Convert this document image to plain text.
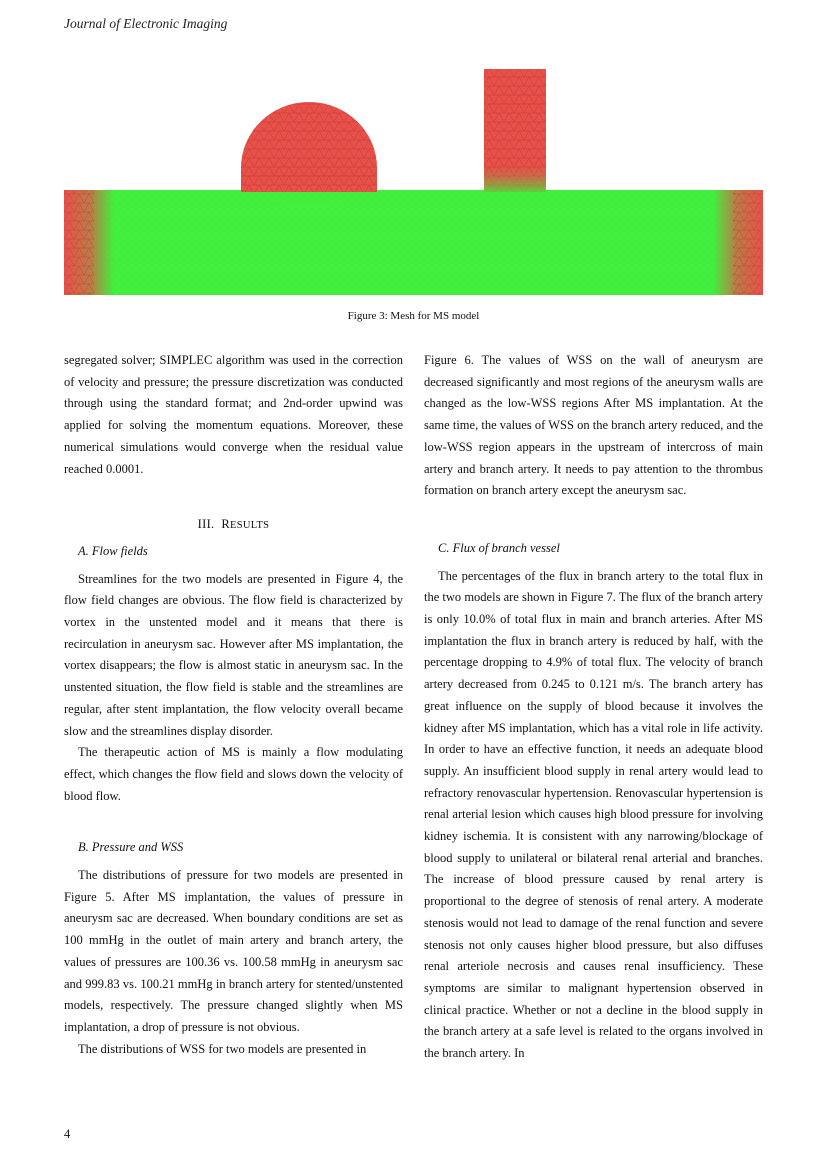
Journal of Electronic Imaging
Figure 3: Mesh for MS model

segregated solver; SIMPLEC algorithm was used in the correction of velocity and pressure; the pressure discretization was conducted through using the standard format; and 2nd-order upwind was applied for solving the momentum equations. Moreover, these numerical simulations would converge when the residual value reached 0.0001.

III. RESULTS
A. Flow fields

Streamlines for the two models are presented in Figure 4, the flow field changes are obvious. The flow field is characterized by vortex in the unstented model and it means that there is recirculation in aneurysm sac. However after MS implantation, the vortex disappears; the flow is almost static in aneurysm sac. In the unstented situation, the flow field is stable and the streamlines are regular, after stent implantation, the flow velocity overall became slow and the streamlines display disorder.

The therapeutic action of MS is mainly a flow modulating effect, which changes the flow field and slows down the velocity of blood flow.

B. Pressure and WSS

The distributions of pressure for two models are presented in Figure 5. After MS implantation, the values of pressure in aneurysm sac are decreased. When boundary conditions are set as 100 mmHg in the outlet of main artery and branch artery, the values of pressures are 100.36 vs. 100.58 mmHg in aneurysm sac and 999.83 vs. 100.21 mmHg in branch artery for stented/unstented models, respectively. The pressure changed slightly when MS implantation, a drop of pressure is not obvious.

The distributions of WSS for two models are presented in

Figure 6. The values of WSS on the wall of aneurysm are decreased significantly and most regions of the aneurysm walls are changed as the low-WSS regions After MS implantation. At the same time, the values of WSS on the branch artery reduced, and the low-WSS region appears in the upstream of intercross of main artery and branch artery. It needs to pay attention to the thrombus formation on branch artery except the aneurysm sac.

C. Flux of branch vessel

The percentages of the flux in branch artery to the total flux in the two models are shown in Figure 7. The flux of the branch artery is only 10.0% of total flux in main and branch arteries. After MS implantation the flux in branch artery is reduced by half, with the percentage dropping to 4.9% of total flux. The velocity of branch artery decreased from 0.245 to 0.121 m/s. The branch artery has great influence on the supply of blood because it involves the kidney after MS implantation, which has a vital role in life activity. In order to have an effective function, it needs an adequate blood supply. An insufficient blood supply in renal artery would lead to refractory renovascular hypertension. Renovascular hypertension is renal arterial lesion which causes high blood pressure for involving kidney ischemia. It is consistent with any narrowing/blockage of blood supply to unilateral or bilateral renal arterial and branches. The increase of blood pressure caused by renal artery is proportional to the degree of stenosis of renal artery. A moderate stenosis would not lead to damage of the renal function and severe stenosis not only causes higher blood pressure, but also diffuses renal arteriole necrosis and causes renal insufficiency. These symptoms are similar to malignant hypertension observed in clinical practice. Whether or not a decline in the blood supply in the branch artery at a safe level is related to the organs involved in the branch artery. In

4
